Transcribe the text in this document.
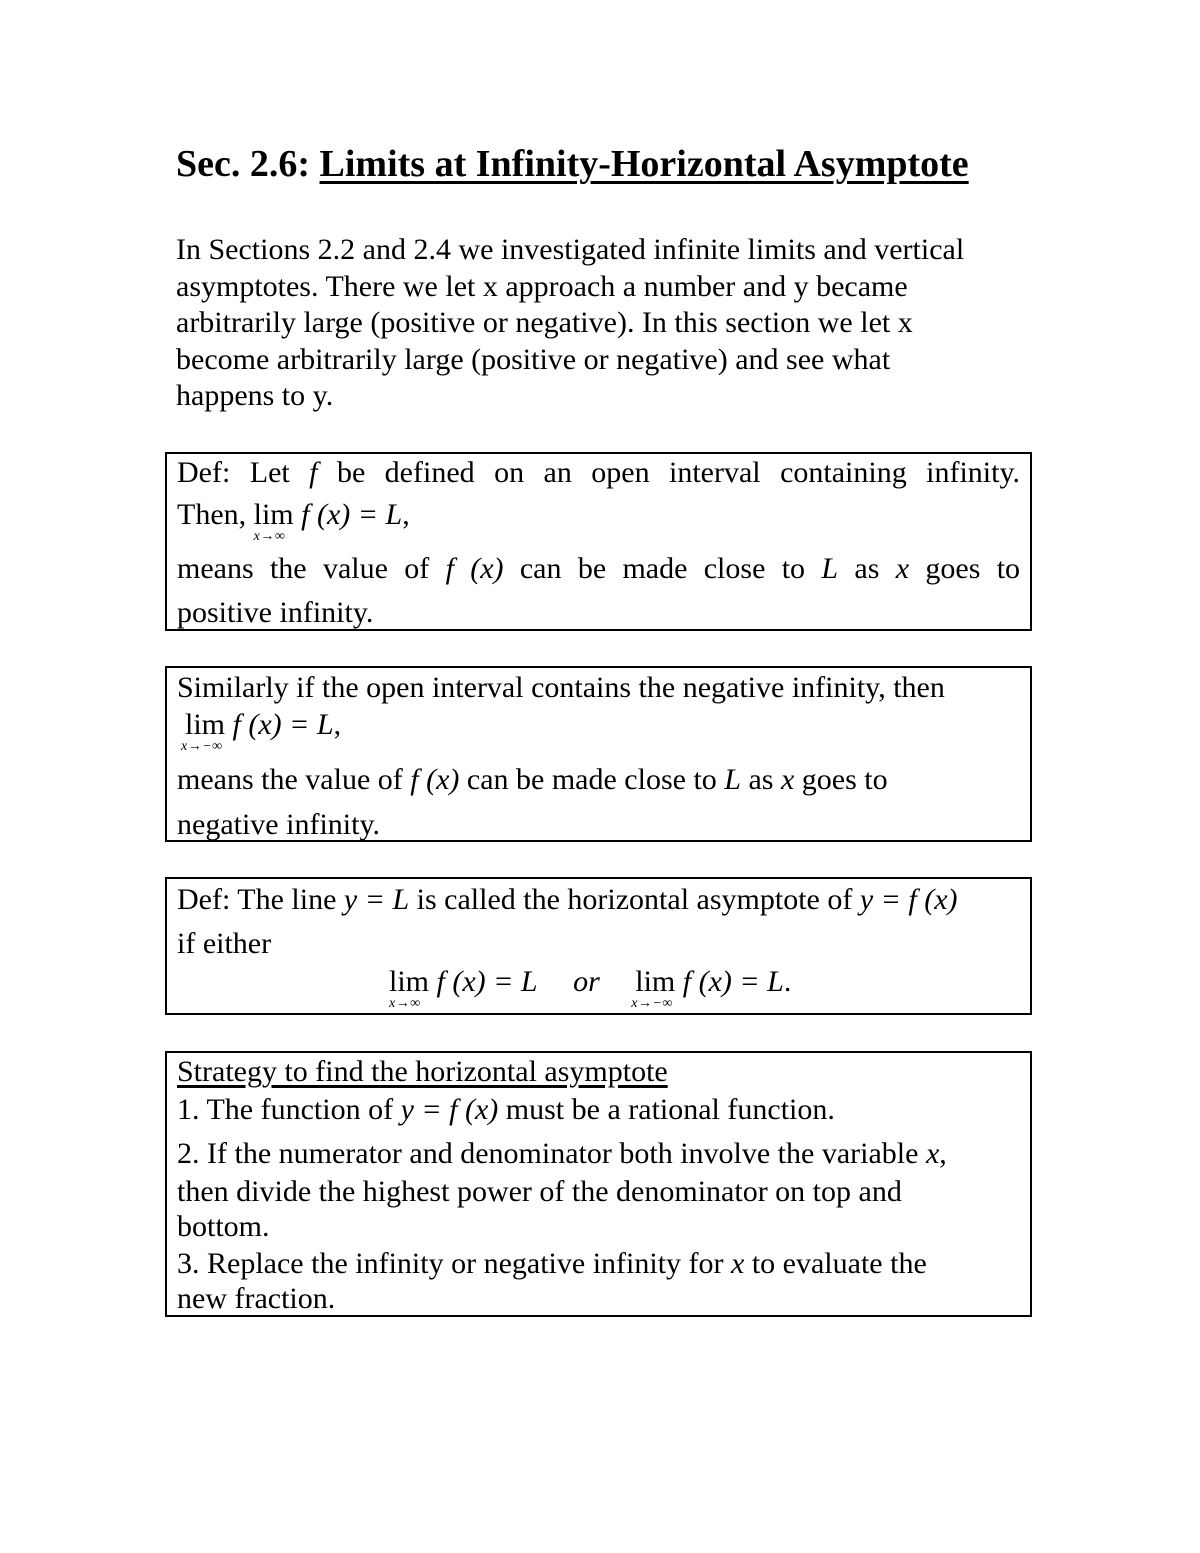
Sec. 2.6: Limits at Infinity-Horizontal Asymptote
In Sections 2.2 and 2.4 we investigated infinite limits and vertical
asymptotes. There we let x approach a number and y became
arbitrarily large (positive or negative). In this section we let x
become arbitrarily large (positive or negative) and see what
happens to y.
Def: Let f be defined on an open interval containing infinity.
Then, lim
x→∞
f (x) = L,
means the value of f (x) can be made close to L as x goes to
positive infinity.
Similarly if the open interval contains the negative infinity, then
lim
x→−∞
f (x) = L,
means the value of f (x) can be made close to L as x goes to
negative infinity.
Def: The line y = L is called the horizontal asymptote of y = f (x)
if either
lim
x→∞
f (x) = L or lim
x→−∞
f (x) = L.
Strategy to find the horizontal asymptote
1. The function of y = f (x) must be a rational function.
2. If the numerator and denominator both involve the variable x,
then divide the highest power of the denominator on top and
bottom.
3. Replace the infinity or negative infinity for x to evaluate the
new fraction.
